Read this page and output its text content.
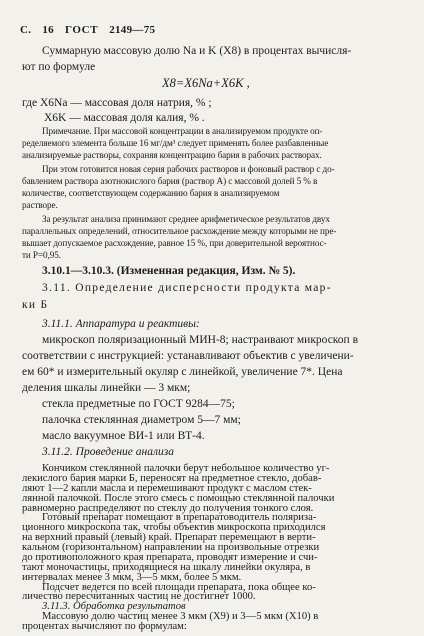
С. 16 ГОСТ 2149—75
Суммарную массовую долю Na и K (X8) в процентах вычисля-
ют по формуле
X8=X6Na+X6K ,
где X6Na — массовая доля натрия, % ;
X6K — массовая доля калия, % .
Примечание. При массовой концентрации в анализируемом продукте оп-
ределяемого элемента больше 16 мг/дм³ следует применять более разбавленные
анализируемые растворы, сохраняя концентрацию бария в рабочих растворах.
При этом готовится новая серия рабочих растворов и фоновый раствор с до-
бавлением раствора азотнокислого бария (раствор А) с массовой долей 5 % в
количестве, соответствующем содержанию бария в анализируемом
растворе.
За результат анализа принимают среднее арифметическое результатов двух
параллельных определений, относительное расхождение между которыми не пре-
вышает допускаемое расхождение, равное 15 %, при доверительной вероятнос-
ти P=0,95.
3.10.1—3.10.3. (Измененная редакция, Изм. № 5).
3.11. Определение дисперсности продукта мар-
ки Б
3.11.1. Аппаратура и реактивы:
микроскоп поляризационный МИН-8; настраивают микроскоп в
соответствии с инструкцией: устанавливают объектив с увеличени-
ем 60* и измерительный окуляр с линейкой, увеличение 7*. Цена
деления шкалы линейки — 3 мкм;
стекла предметные по ГОСТ 9284—75;
палочка стеклянная диаметром 5—7 мм;
масло вакуумное ВИ-1 или ВТ-4.
3.11.2. Проведение анализа
Кончиком стеклянной палочки берут небольшое количество уг-
лекислого бария марки Б, переносят на предметное стекло, добав-
ляют 1—2 капли масла и перемешивают продукт с маслом стек-
лянной палочкой. После этого смесь с помощью стеклянной палочки
равномерно распределяют по стеклу до получения тонкого слоя.
Готовый препарат помещают в препаратоводитель поляриза-
ционного микроскопа так, чтобы объектив микроскопа приходился
на верхний правый (левый) край. Препарат перемещают в верти-
кальном (горизонтальном) направлении на произвольные отрезки
до противоположного края препарата, проводят измерение и счи-
тают моночастицы, приходящиеся на шкалу линейки окуляра, в
интервалах менее 3 мкм, 3—5 мкм, более 5 мкм.
Подсчет ведется по всей площади препарата, пока общее ко-
личество пересчитанных частиц не достигнет 1000.
3.11.3. Обработка результатов
Массовую долю частиц менее 3 мкм (X9) и 3—5 мкм (X10) в
процентах вычисляют по формулам:
